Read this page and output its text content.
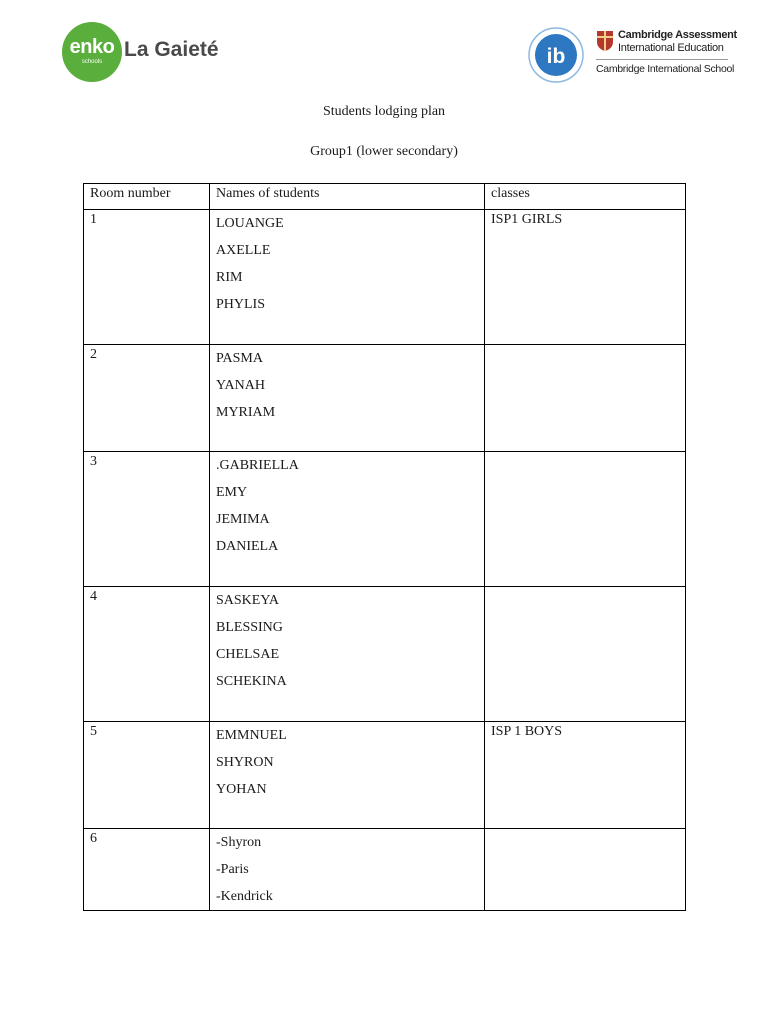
enko
schools
La Gaieté	ib
Cambridge Assessment
International Education
Cambridge International School
Students lodging plan
Group1 (lower secondary)
Room number	Names of students	classes

1	LOUANGE
AXELLE
RIM
PHYLIS	ISP1 GIRLS

2	PASMA
YANAH
MYRIAM	

3	.GABRIELLA
EMY
JEMIMA
DANIELA	

4	SASKEYA
BLESSING
CHELSAE
SCHEKINA	

5	EMMNUEL
SHYRON
YOHAN	ISP 1 BOYS

6	-Shyron
-Paris
-Kendrick	
